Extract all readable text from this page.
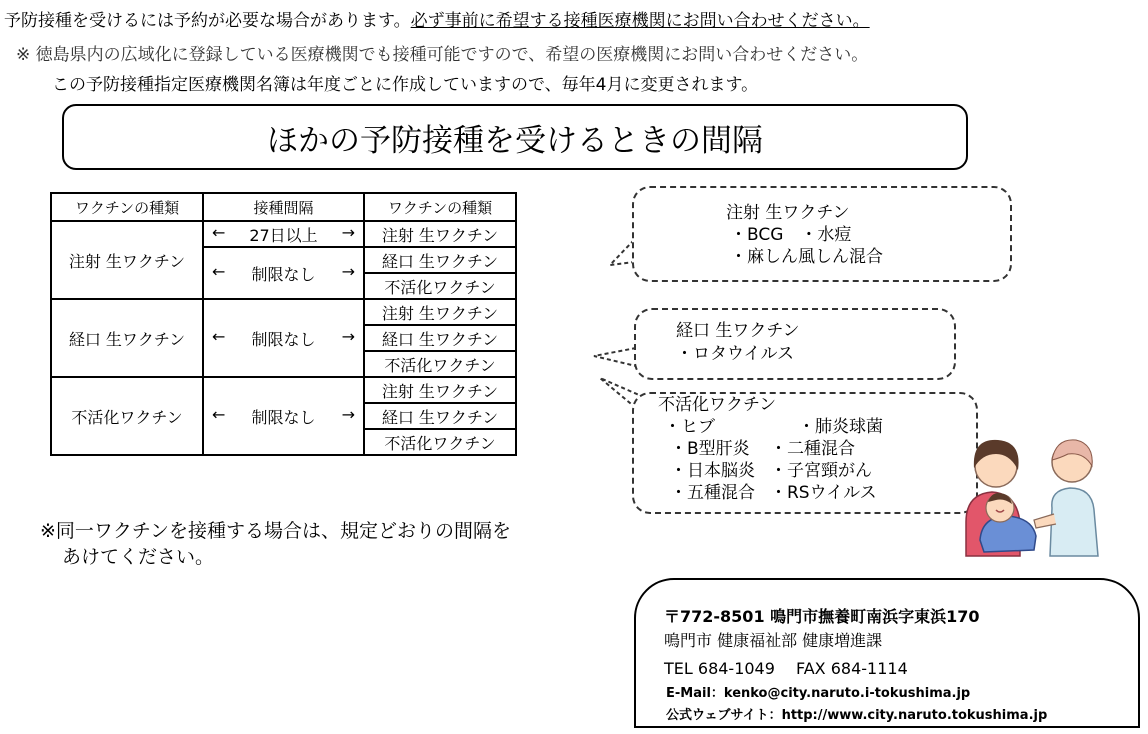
予防接種を受けるには予約が必要な場合があります。必ず事前に希望する接種医療機関にお問い合わせください。
※ 徳島県内の広域化に登録している医療機関でも接種可能ですので、希望の医療機関にお問い合わせください。
この予防接種指定医療機関名簿は年度ごとに作成していますので、毎年4月に変更されます。
ほかの予防接種を受けるときの間隔
ワクチンの種類	接種間隔	ワクチンの種類
注射 生ワクチン	← 27日以上 →	注射 生ワクチン

	← 制限なし →	経口 生ワクチン
		不活化ワクチン
経口 生ワクチン	← 制限なし →	注射 生ワクチン
		経口 生ワクチン
		不活化ワクチン
不活化ワクチン	← 制限なし →	注射 生ワクチン
		経口 生ワクチン
		不活化ワクチン
注射 生ワクチン
・BCG　・水痘
・麻しん風しん混合
経口 生ワクチン
・ロタウイルス
不活化ワクチン
・ヒブ	・肺炎球菌
・B型肝炎 ・二種混合
・日本脳炎 ・子宮頸がん
・五種混合 ・RSウイルス
※同一ワクチンを接種する場合は、規定どおりの間隔を
あけてください。
〒772-8501 鳴門市撫養町南浜字東浜170
鳴門市 健康福祉部 健康増進課
TEL 684-1049　 FAX 684-1114
E-Mail：kenko@city.naruto.i-tokushima.jp
公式ウェブサイト：http://www.city.naruto.tokushima.jp
